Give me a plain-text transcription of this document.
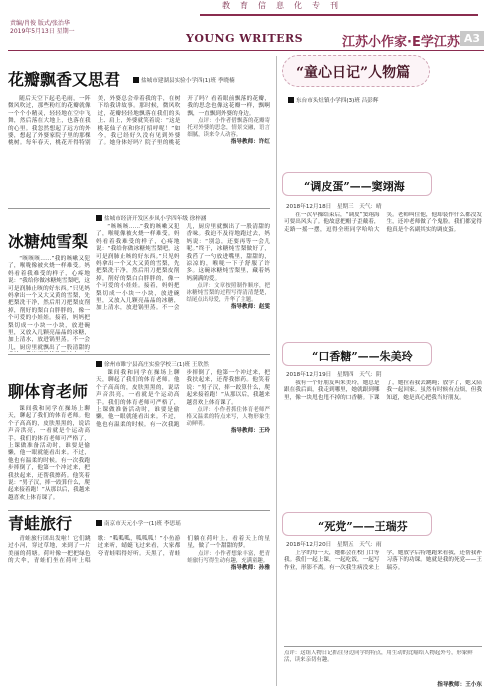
教育信息化专刊
责编/肖俊 版式/张治华
2019年5月13日 星期一
YOUNG WRITERS	江苏小作家·E学江苏 A3
花瓣飘香又思君	盐城市建湖县实验小学四(1)班 季晓楠

随后天空下起毛毛雨，一阵微风吹过，那些粉红的花瓣就像一个个小精灵，轻轻地在空中飞舞，然后落在大地上，也落在我的心里。我忽然想起了远方的外婆，想起了外婆家院子里的那棵桃树。每年春天，桃花开得特别美，外婆总会牵着我的手，在树下给我讲故事。那时候，微风吹过，花瓣轻轻地飘落在我们的头上、肩上，外婆就笑着说：“这是桃花仙子在和你打招呼呢！”如今，我已经好久没有见到外婆了。她身体好吗？院子里的桃花开了吗？看着眼前飘落的花瓣，我的思念也像这花瓣一样，飘啊飘，一直飘到外婆的身边。

点评：小作者借飘落的花瓣寄托对外婆的思念，情景交融，语言细腻，读来令人动容。

指导教师：许红
冰糖炖雪梨
盐城市经济开发区步凤小学四年级 徐梓涵

“咳咳咳……”我的咳嗽又犯了，喉咙像被火烧一样难受。妈妈看着我难受的样子，心疼地说：“我给你做冰糖炖雪梨吧，这可是润肺止咳的好东西。”只见妈妈拿出一个又大又黄的雪梨，先把梨洗干净，然后用刀把梨皮削掉，削好的梨白白胖胖的，像一个可爱的小娃娃。接着，妈妈把梨切成一小块一小块，放进碗里，又放入几颗亮晶晶的冰糖，加上清水，放进锅里蒸。不一会儿，厨房里就飘出了一股清甜的

“咳咳咳……”我的咳嗽又犯了，喉咙像被火烧一样难受。妈妈看着我难受的样子，心疼地说：“我给你做冰糖炖雪梨吧，这可是润肺止咳的好东西。”只见妈妈拿出一个又大又黄的雪梨，先把梨洗干净，然后用刀把梨皮削掉，削好的梨白白胖胖的，像一个可爱的小娃娃。接着，妈妈把梨切成一小块一小块，放进碗里，又放入几颗亮晶晶的冰糖，加上清水，放进锅里蒸。不一会儿，厨房里就飘出了一股清甜的香味。我迫不及待地跑过去，妈妈说：“别急，还要再等一会儿呢。”终于，冰糖炖雪梨做好了，我舀了一勺放进嘴里，甜甜的，凉凉的，喉咙一下子舒服了许多。这碗冰糖炖雪梨里，藏着妈妈满满的爱。

点评：文章按照制作顺序，把冰糖炖雪梨的过程写得清清楚楚，结尾点出母爱，升华了主题。

指导教师：赵雯
聊体育老师
徐州市睢宁县高庄实验学校三(1)班 王欣然

课间我和同学在操场上聊天，聊起了我们的体育老师。他个子高高的，皮肤黑黑的，说话声音洪亮，一看就是个运动高手。我们的体育老师可严格了，上课做准备活动时，谁要是偷懒，他一眼就能看出来。不过，他也有温柔的时候。有一次我跑步摔倒了，他第一个冲过来，把我扶起来，还帮我擦药。他笑着说：“男子汉，摔一跤算什么，爬起来接着跑！”从那以后，我越来越喜欢上体育课了。

课间我和同学在操场上聊天，聊起了我们的体育老师。他个子高高的，皮肤黑黑的，说话声音洪亮，一看就是个运动高手。我们的体育老师可严格了，上课做准备活动时，谁要是偷懒，他一眼就能看出来。不过，他也有温柔的时候。有一次我跑步摔倒了，他第一个冲过来，把我扶起来，还帮我擦药。他笑着说：“男子汉，摔一跤算什么，爬起来接着跑！”从那以后，我越来越喜欢上体育课了。

点评：小作者抓住体育老师严格又温柔的特点来写，人物形象生动鲜明。

指导教师：王玲
青蛙旅行	南京市天元小学一(1)班 李思瑶

青蛙旅行团出发啦！它们跳过小河，穿过草地，来到了一片美丽的荷塘。荷叶像一把把绿色的大伞，青蛙们坐在荷叶上唱歌：“呱呱呱，呱呱呱！”小鱼游过来听，蜻蜓飞过来看，大家都夸青蛙唱得好听。天黑了，青蛙们躺在荷叶上，看着天上的星星，做了一个甜甜的梦。

点评：小作者想象丰富，把青蛙旅行写得生动有趣，充满童趣。

指导教师：孙雅
“童心日记”人物篇
东台市头灶镇小学四(3)班 吕彭辉
“调皮蛋”——窦翊海
2018年12月18日　星期三　天气：晴

在一次早操结束后，“调皮”窦翊海可要出风头了。他故意把帽子歪戴着，走路一摇一摆，逗得全班同学哈哈大笑。老师叫住他，他却装作什么都没发生，还冲老师做了个鬼脸。我们都觉得他真是个名副其实的调皮蛋。

“口香糖”——朱美玲
2018年12月19日　星期四　天气：阴

我有一个好朋友叫朱美玲，她总是跟在我后面，我走到哪里，她就跟到哪里，像一块甩也甩不掉的口香糖。下课了，她拉着我去跳绳；放学了，她又陪我一起回家。虽然有时候有点烦，但我知道，她是真心把我当好朋友。

“死党”——王瑞芬
2018年12月20日　星期五　天气：雨

上学的每一天，她都会在校门口等我。我们一起上课，一起吃饭，一起写作业，形影不离。有一次我生病没来上学，她放学后特地跑来看我，还帮我补习落下的功课。她就是我的死党——王瑞芬。

点评：这组人物日记抓住身边同学的特点，用生动的比喻给人物起外号，形象鲜活，读来亲切有趣。
指导教师：王小东
